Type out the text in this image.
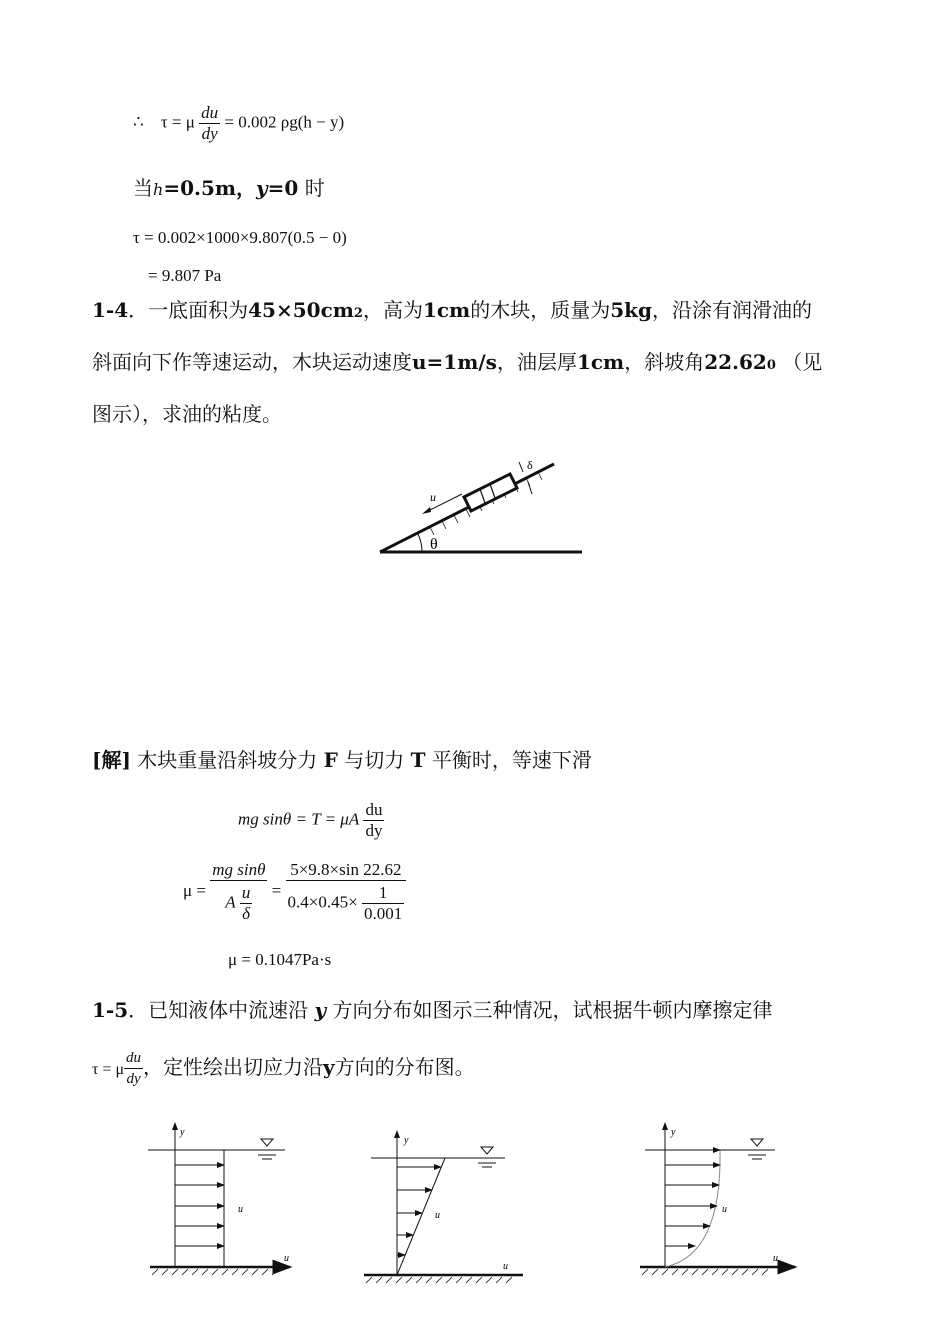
∴ τ = μ $\frac{du}{dy} = 0.002$ ρg(h − y)
当h=0.5m，y=0 时
τ = 0.002×1000×9.807(0.5 − 0)
= 9.807 Pa
1-4．一底面积为45×50cm2，高为1cm的木块，质量为5kg，沿涂有润滑油的
斜面向下作等速运动，木块运动速度u=1m/s，油层厚1cm，斜坡角22.620 （见
图示），求油的粘度。
u
δ
θ
[解] 木块重量沿斜坡分力 F 与切力 T 平衡时，等速下滑
mg sinθ = T = μA $\frac{du}{dy}$
$\mu = \frac{\text{mg sinθ}}{A \frac{u}{\delta}} = \frac{5\times 9.8\times\sin 22.62}{0.4\times 0.45\times \frac{1}{0.001}}$
μ = 0.1047Pa·s
1-5．已知液体中流速沿 y 方向分布如图示三种情况，试根据牛顿内摩擦定律
τ = μ $\frac{du}{dy}$ ，定性绘出切应力沿y方向的分布图。
y
u
u
y
u
u
y
u
u
